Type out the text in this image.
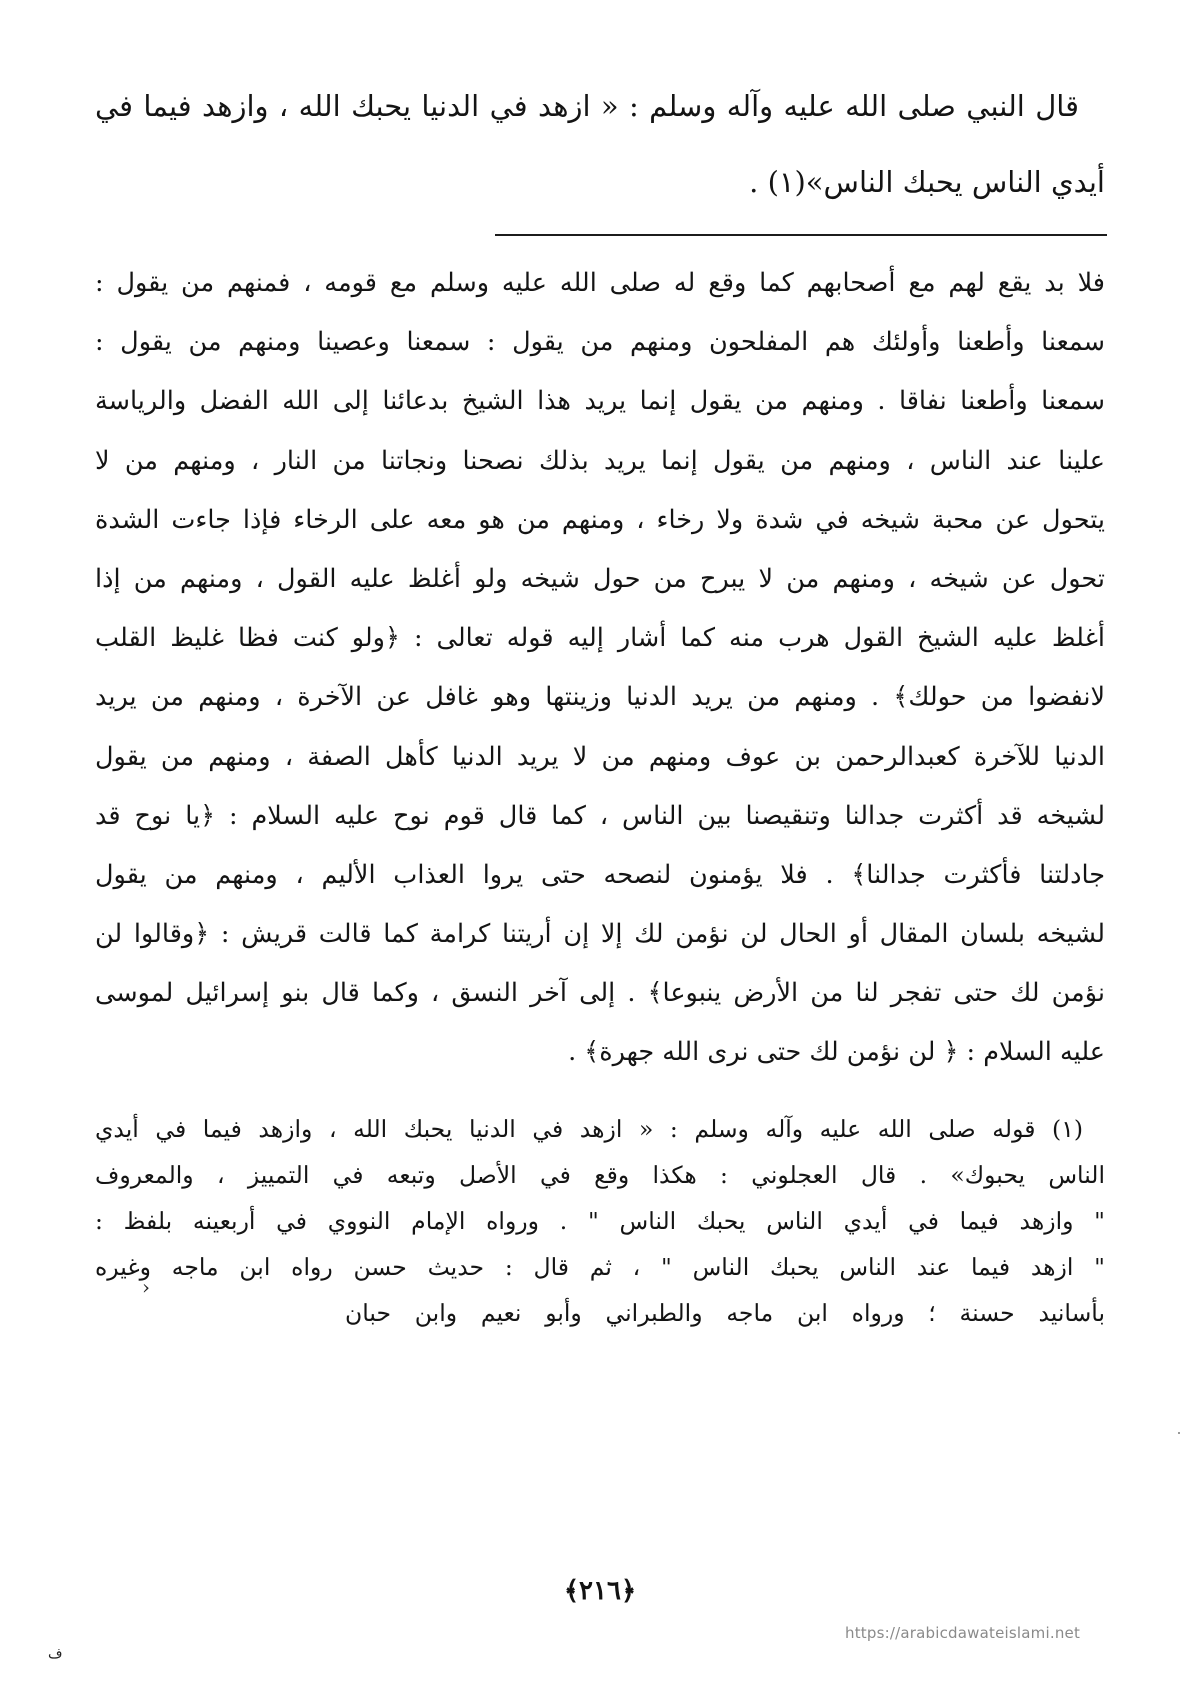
قال النبي صلى الله عليه وآله وسلم : « ازهد في الدنيا يحبك الله ، وازهد فيما في
أيدي الناس يحبك الناس»(١) .
فلا بد يقع لهم مع أصحابهم كما وقع له صلى الله عليه وسلم مع قومه ، فمنهم من يقول :
سمعنا وأطعنا وأولئك هم المفلحون ومنهم من يقول : سمعنا وعصينا ومنهم من يقول :
سمعنا وأطعنا نفاقا . ومنهم من يقول إنما يريد هذا الشيخ بدعائنا إلى الله الفضل والرياسة
علينا عند الناس ، ومنهم من يقول إنما يريد بذلك نصحنا ونجاتنا من النار ، ومنهم من لا
يتحول عن محبة شيخه في شدة ولا رخاء ، ومنهم من هو معه على الرخاء فإذا جاءت الشدة
تحول عن شيخه ، ومنهم من لا يبرح من حول شيخه ولو أغلظ عليه القول ، ومنهم من إذا
أغلظ عليه الشيخ القول هرب منه كما أشار إليه قوله تعالى : ﴿ولو كنت فظا غليظ القلب
لانفضوا من حولك﴾ . ومنهم من يريد الدنيا وزينتها وهو غافل عن الآخرة ، ومنهم من يريد
الدنيا للآخرة كعبدالرحمن بن عوف ومنهم من لا يريد الدنيا كأهل الصفة ، ومنهم من يقول
لشيخه قد أكثرت جدالنا وتنقيصنا بين الناس ، كما قال قوم نوح عليه السلام : ﴿يا نوح قد
جادلتنا فأكثرت جدالنا﴾ . فلا يؤمنون لنصحه حتى يروا العذاب الأليم ، ومنهم من يقول
لشيخه بلسان المقال أو الحال لن نؤمن لك إلا إن أريتنا كرامة كما قالت قريش : ﴿وقالوا لن
نؤمن لك حتى تفجر لنا من الأرض ينبوعا﴾ . إلى آخر النسق ، وكما قال بنو إسرائيل لموسى
عليه السلام : ﴿ لن نؤمن لك حتى نرى الله جهرة﴾ .
(١) قوله صلى الله عليه وآله وسلم : « ازهد في الدنيا يحبك الله ، وازهد فيما في أيدي
الناس يحبوك» . قال العجلوني : هكذا وقع في الأصل وتبعه في التمييز ، والمعروف
" وازهد فيما في أيدي الناس يحبك الناس " . ورواه الإمام النووي في أربعينه بلفظ :
" ازهد فيما عند الناس يحبك الناس " ، ثم قال : حديث حسن رواه ابن ماجه وغيره
بأسانيد حسنة ؛ ورواه ابن ماجه والطبراني وأبو نعيم وابن حبان
›
﴿٢١٦﴾
https://arabicdawateislami.net
ف
